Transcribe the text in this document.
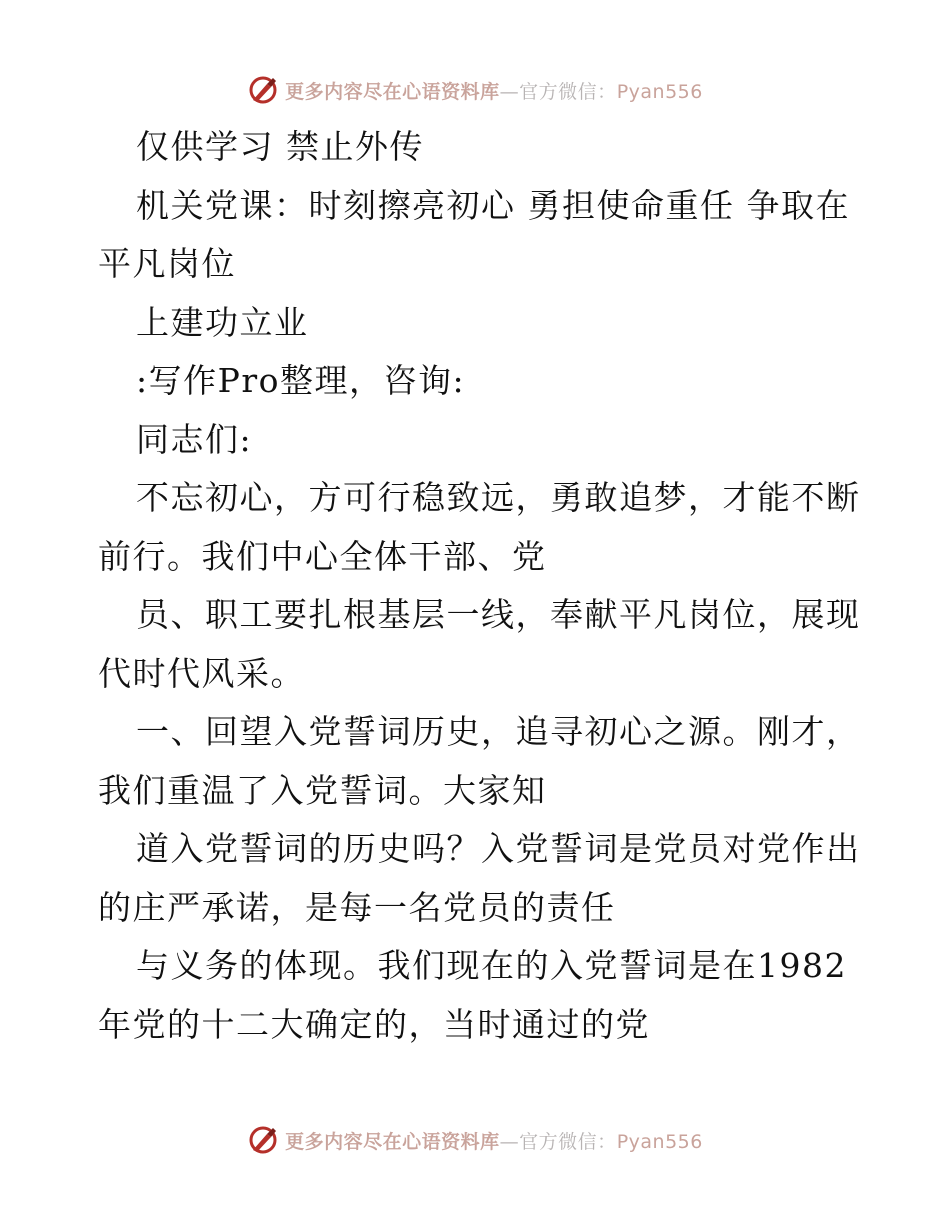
更多内容尽在心语资料库—官方微信：Pyan556
仅供学习 禁止外传
机关党课：时刻擦亮初心 勇担使命重任 争取在
平凡岗位
上建功立业
:写作Pro整理，咨询:
同志们:
不忘初心，方可行稳致远，勇敢追梦，才能不断
前行。我们中心全体干部、党
员、职工要扎根基层一线，奉献平凡岗位，展现
代时代风采。
一、回望入党誓词历史，追寻初心之源。刚才，
我们重温了入党誓词。大家知
道入党誓词的历史吗？入党誓词是党员对党作出
的庄严承诺，是每一名党员的责任
与义务的体现。我们现在的入党誓词是在1982
年党的十二大确定的，当时通过的党
更多内容尽在心语资料库—官方微信：Pyan556
